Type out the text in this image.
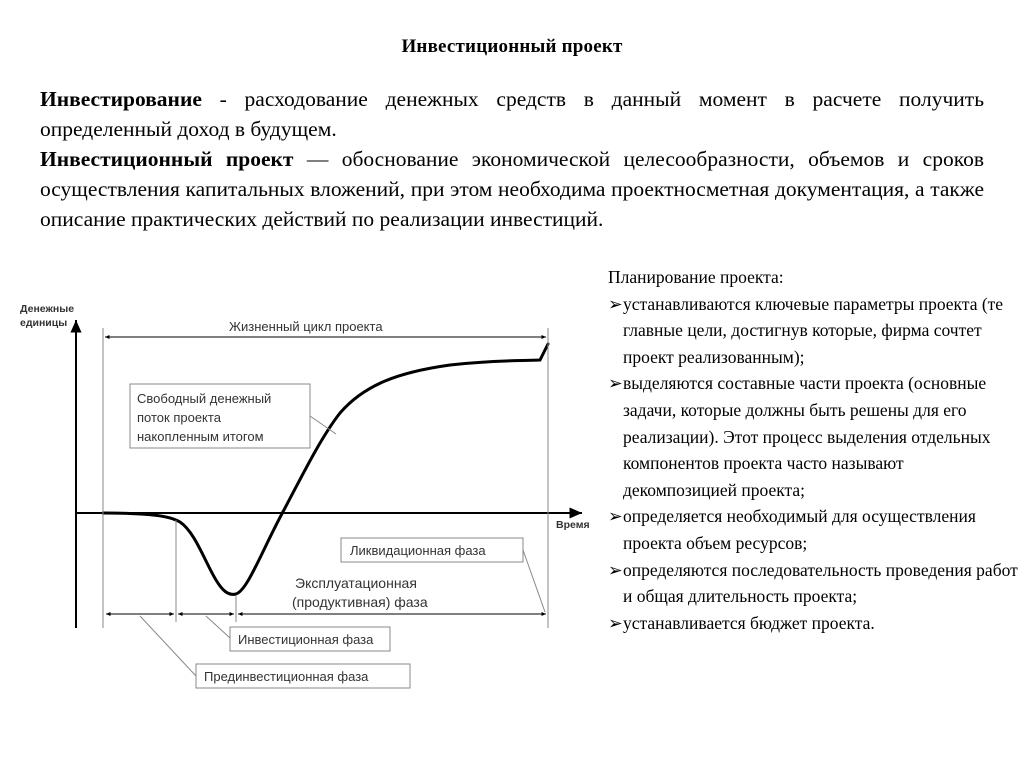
Инвестиционный проект

Инвестирование - расходование денежных средств в данный момент в расчете получить определенный доход в будущем.

Инвестиционный проект — обоснование экономической целесообразности, объемов и сроков осуществления капитальных вложений, при этом необходима проектносметная документация, а также описание практических действий по реализации инвестиций.

Денежные
единицы
Время
Жизненный цикл проекта
Свободный денежный
поток проекта
накопленным итогом
Ликвидационная фаза
Эксплуатационная
(продуктивная) фаза
Инвестиционная фаза
Прединвестиционная фаза
Планирование проекта:
➢ устанавливаются ключевые параметры проекта (те главные цели, достигнув которые, фирма сочтет проект реализованным);
➢ выделяются составные части проекта (основные задачи, которые должны быть решены для его реализации). Этот процесс выделения отдельных компонентов проекта часто называют декомпозицией проекта;
➢ определяется необходимый для осуществления проекта объем ресурсов;
➢ определяются последовательность проведения работ и общая длительность проекта;
➢ устанавливается бюджет проекта.
